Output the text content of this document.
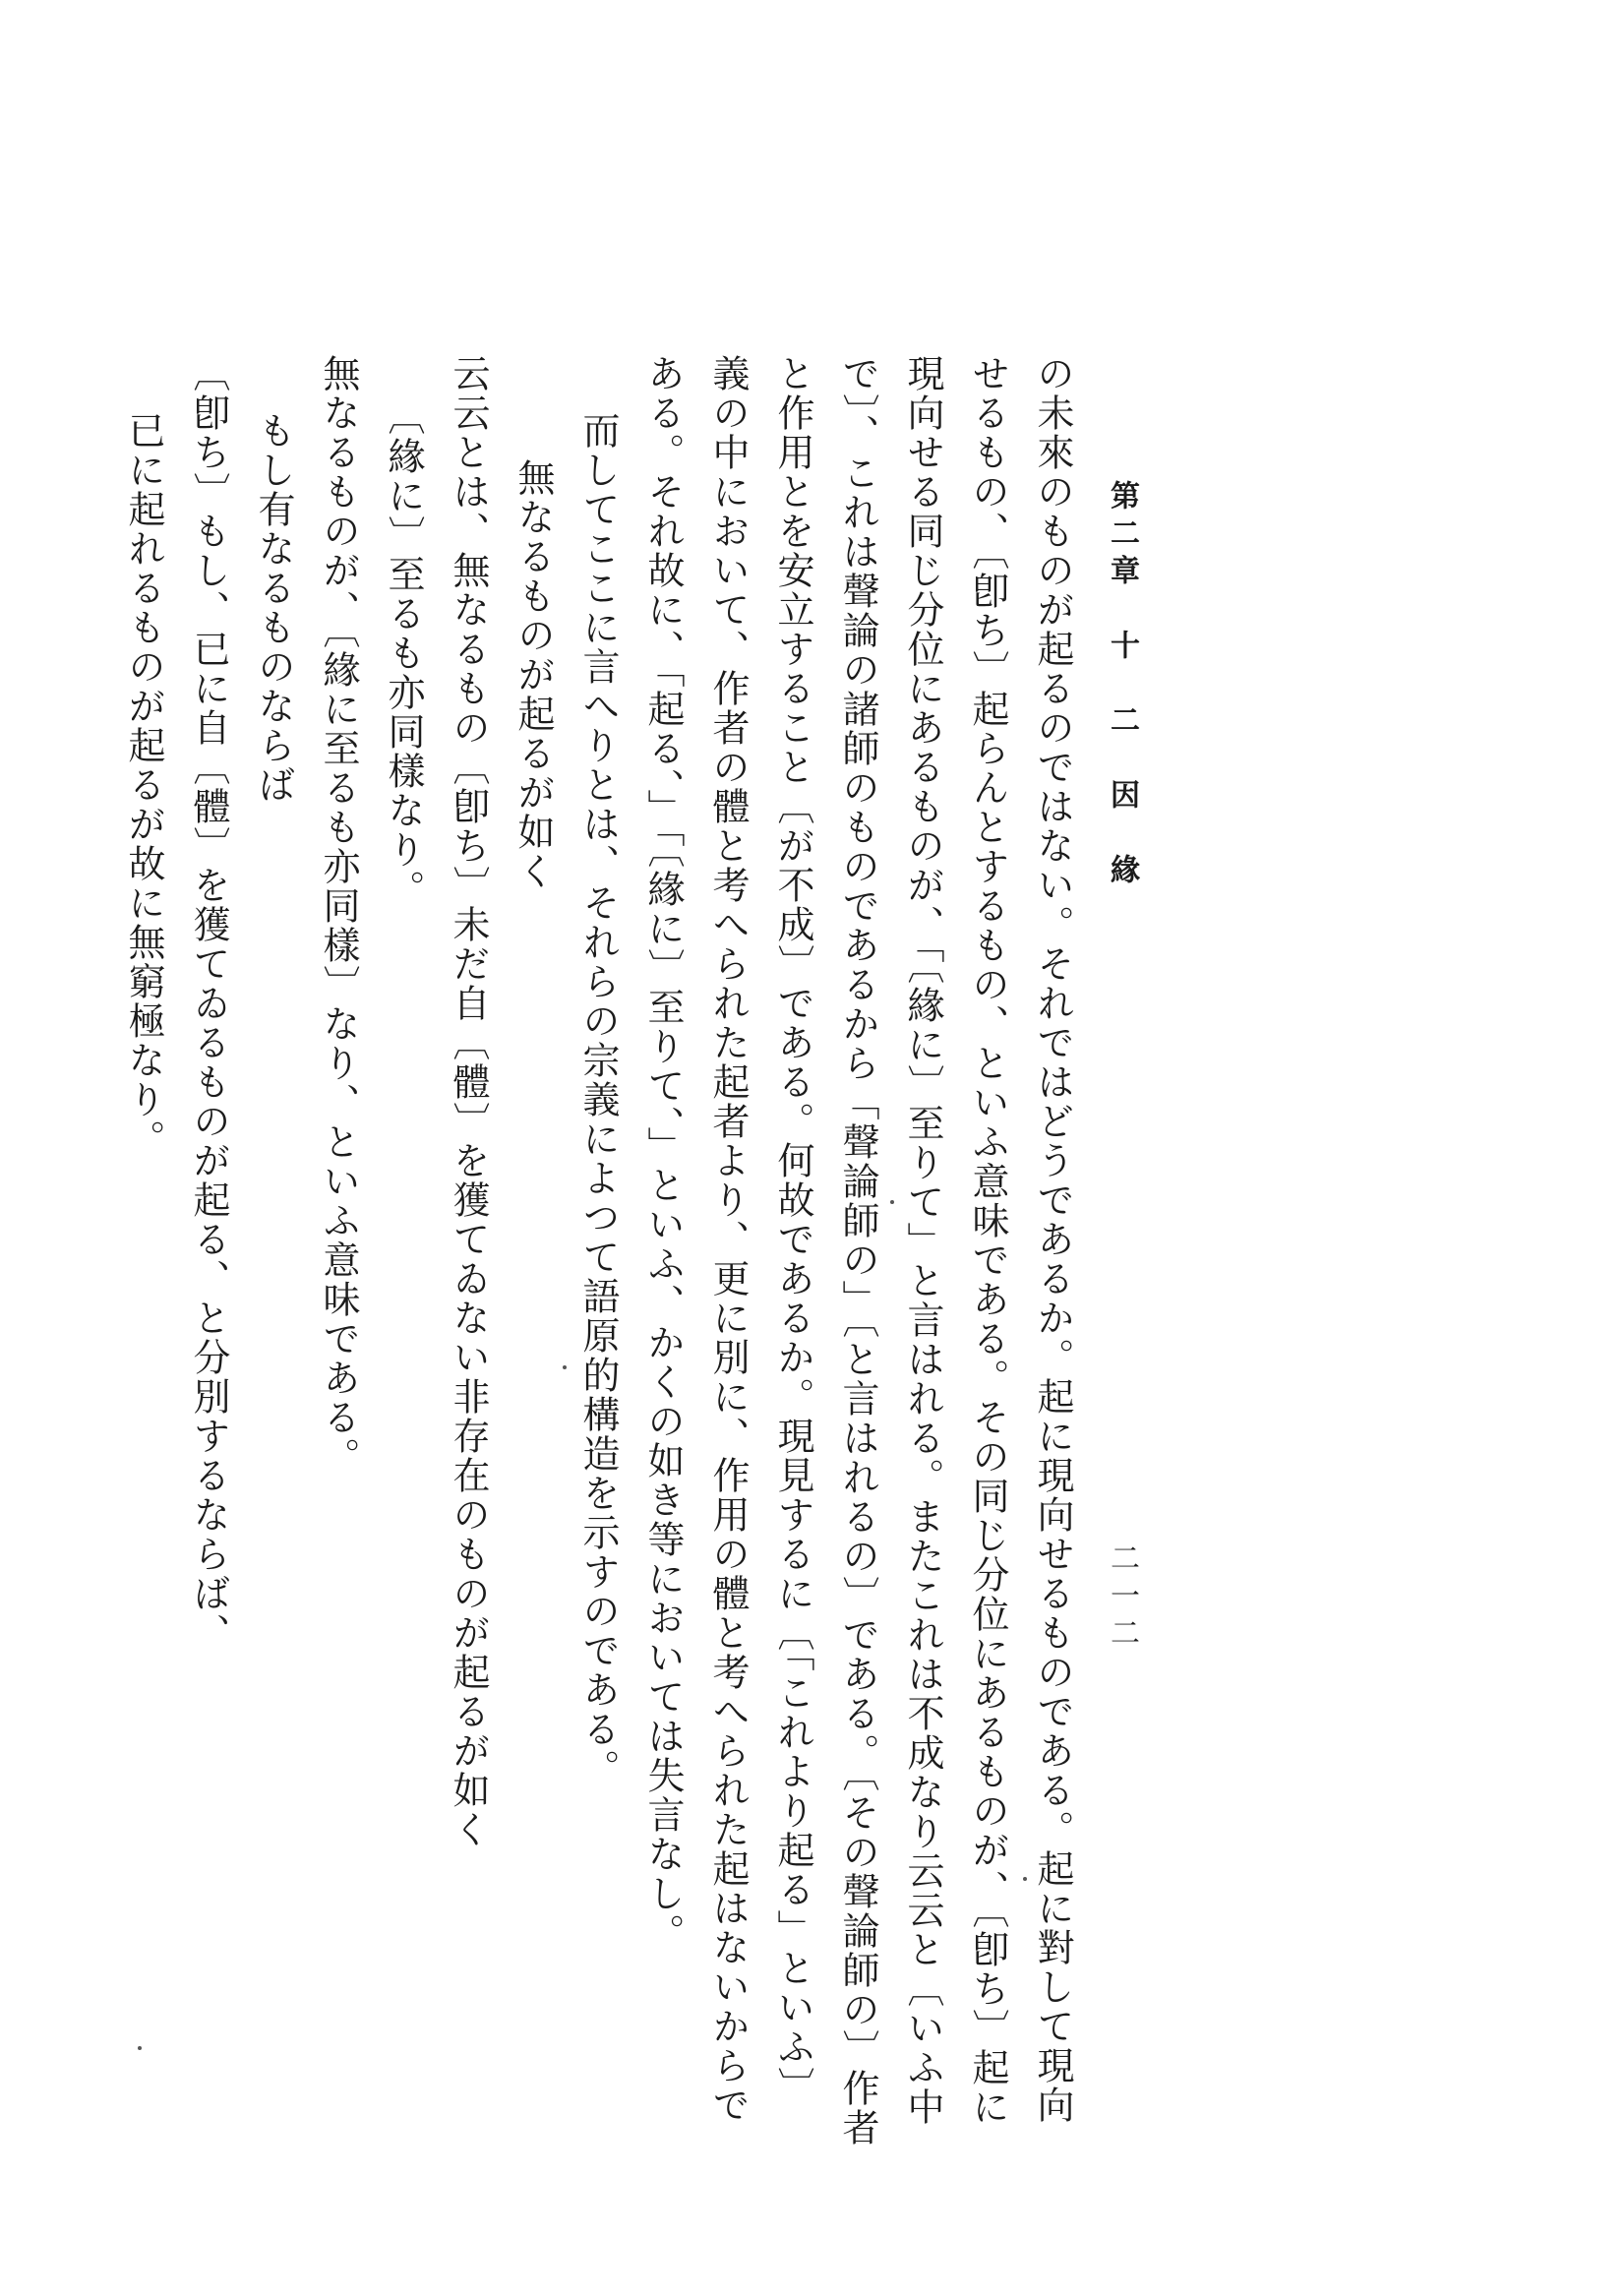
第二章　十　二　因　緣
二一二
の未來のものが起るのではない。それではどうであるか。起に現向せるものである。起に對して現向
せるもの、〔卽ち〕起らんとするもの、といふ意味である。その同じ分位にあるものが、〔卽ち〕起に
現向せる同じ分位にあるものが、「〔緣に〕至りて」と言はれる。またこれは不成なり云云と〔いふ中
で〕、これは聲論の諸師のものであるから「聲論師の」〔と言はれるの〕である。〔その聲論師の〕作者
と作用とを安立すること〔が不成〕である。何故であるか。現見するに〔「これより起る」といふ〕
義の中において、作者の體と考へられた起者より、更に別に、作用の體と考へられた起はないからで
ある。それ故に、「起る、」「〔緣に〕至りて、」といふ、かくの如き等においては失言なし。
而してここに言へりとは、それらの宗義によつて語原的構造を示すのである。
無なるものが起るが如く
云云とは、無なるもの〔卽ち〕未だ自〔體〕を獲てゐない非存在のものが起るが如く
〔緣に〕至るも亦同樣なり。
無なるものが、〔緣に至るも亦同樣〕なり、といふ意味である。
もし有なるものならば
〔卽ち〕もし、已に自〔體〕を獲てゐるものが起る、と分別するならば、
已に起れるものが起るが故に無窮極なり。
